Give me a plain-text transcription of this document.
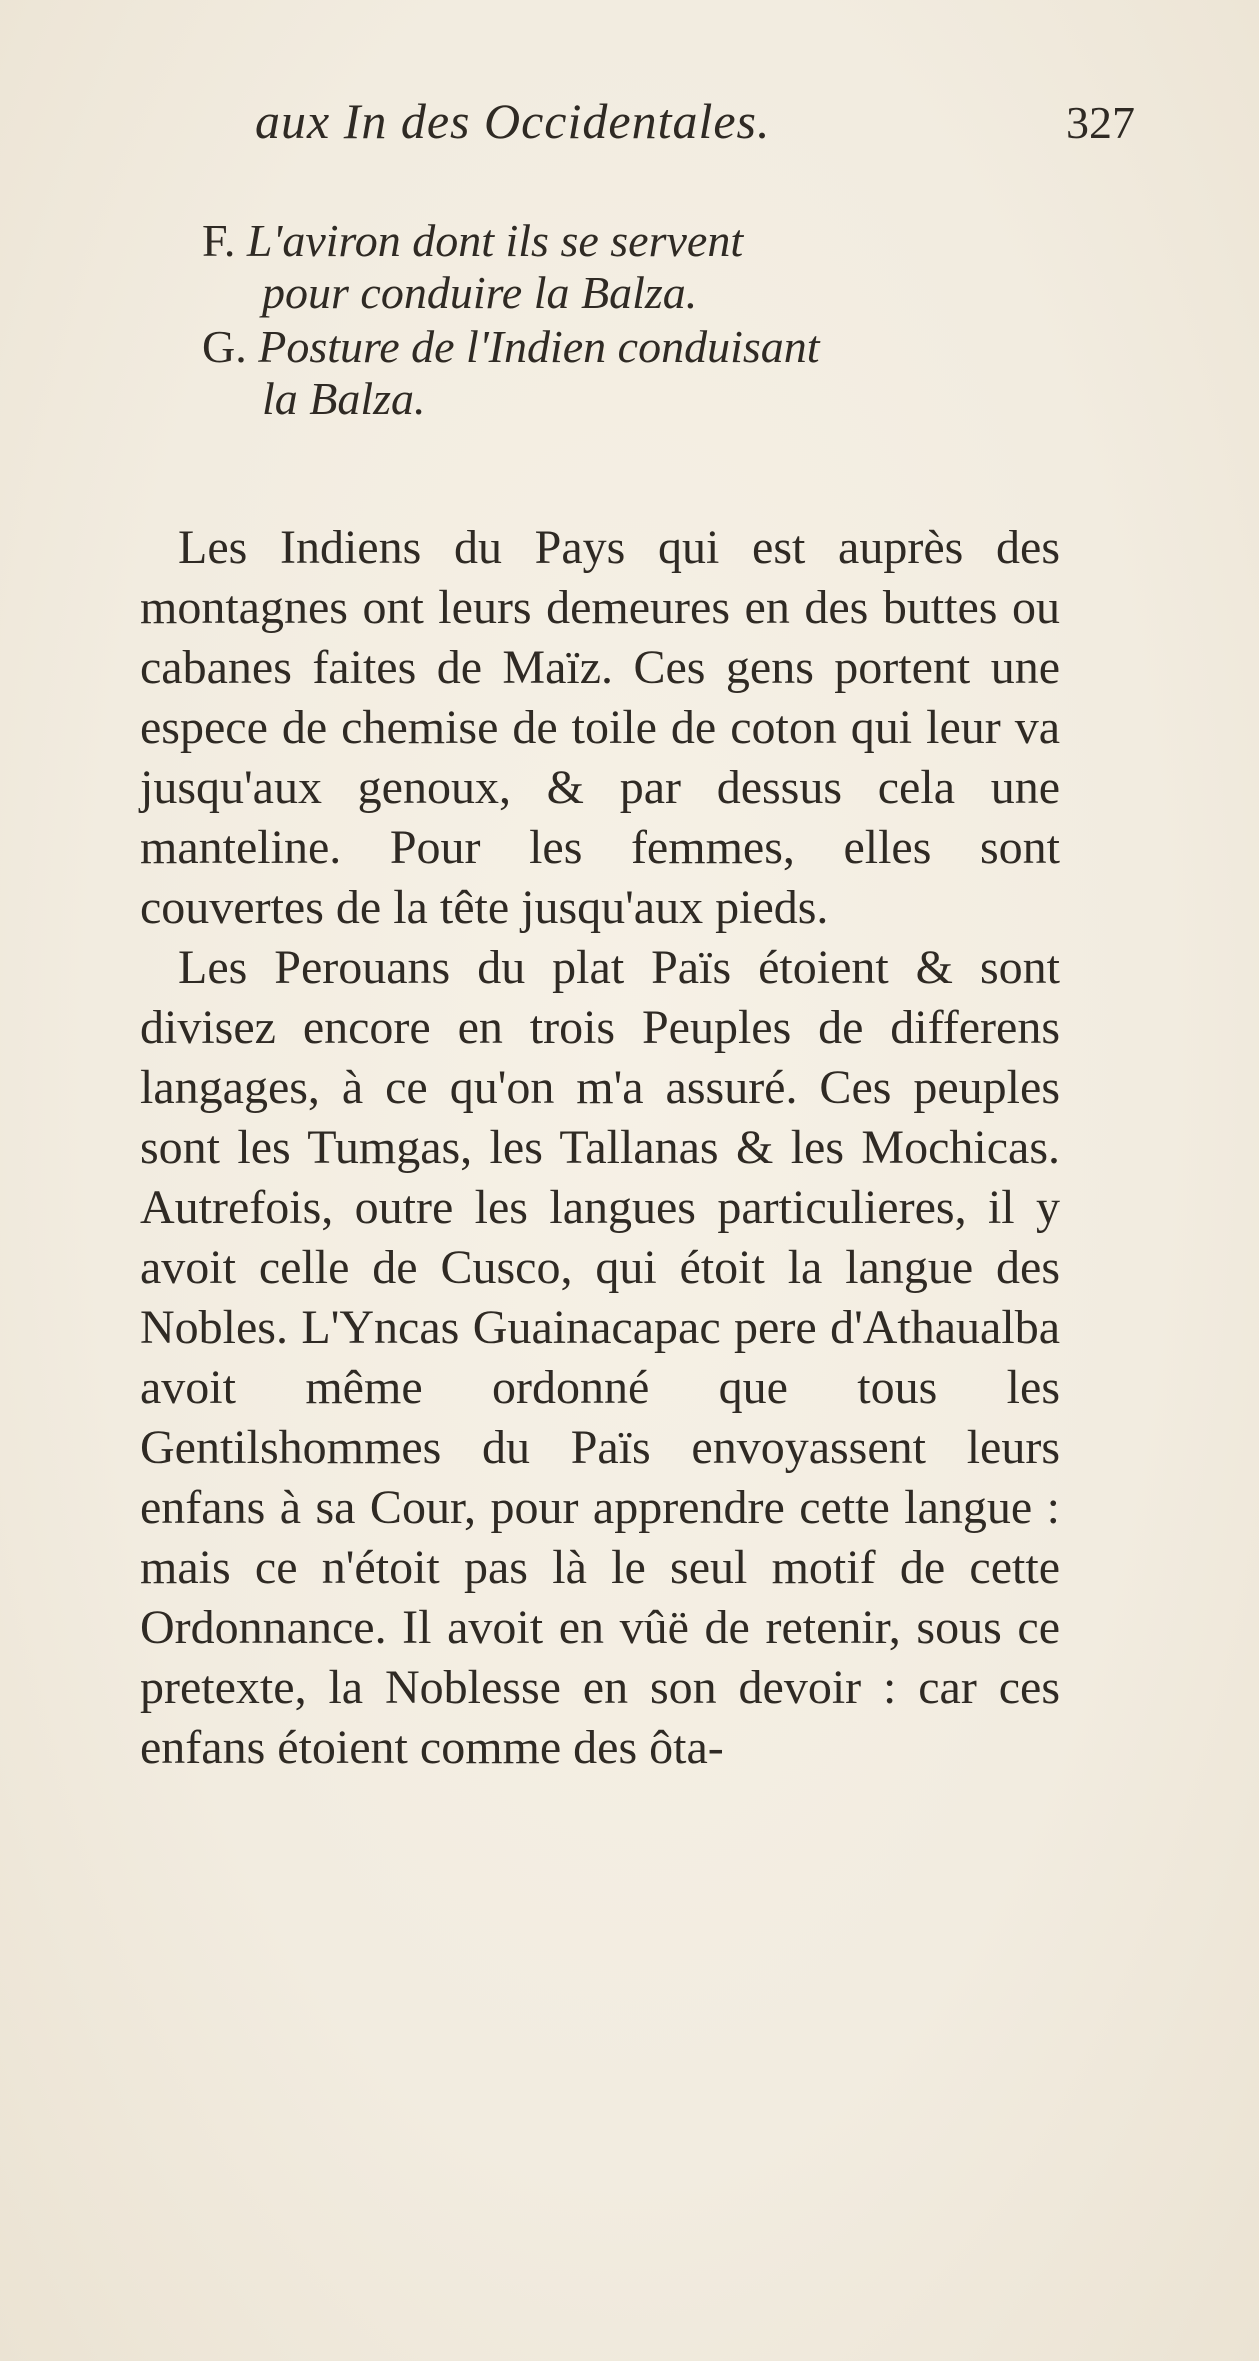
aux In des Occidentales.	327
F. L'aviron dont ils se servent
pour conduire la Balza.
G. Posture de l'Indien conduisant
la Balza.

Les Indiens du Pays qui est auprès des montagnes ont leurs demeures en des buttes ou cabanes faites de Maïz. Ces gens portent une espece de chemise de toile de coton qui leur va jusqu'aux genoux, & par dessus cela une manteline. Pour les femmes, elles sont couvertes de la tête jusqu'aux pieds.

Les Perouans du plat Païs étoient & sont divisez encore en trois Peuples de differens langages, à ce qu'on m'a assuré. Ces peuples sont les Tumgas, les Tallanas & les Mochicas. Autrefois, outre les langues particulieres, il y avoit celle de Cusco, qui étoit la langue des Nobles. L'Yncas Guainacapac pere d'Athaualba avoit même ordonné que tous les Gentilshommes du Païs envoyassent leurs enfans à sa Cour, pour apprendre cette langue : mais ce n'étoit pas là le seul motif de cette Ordonnance. Il avoit en vûë de retenir, sous ce pretexte, la Noblesse en son devoir : car ces enfans étoient comme des ôta-
